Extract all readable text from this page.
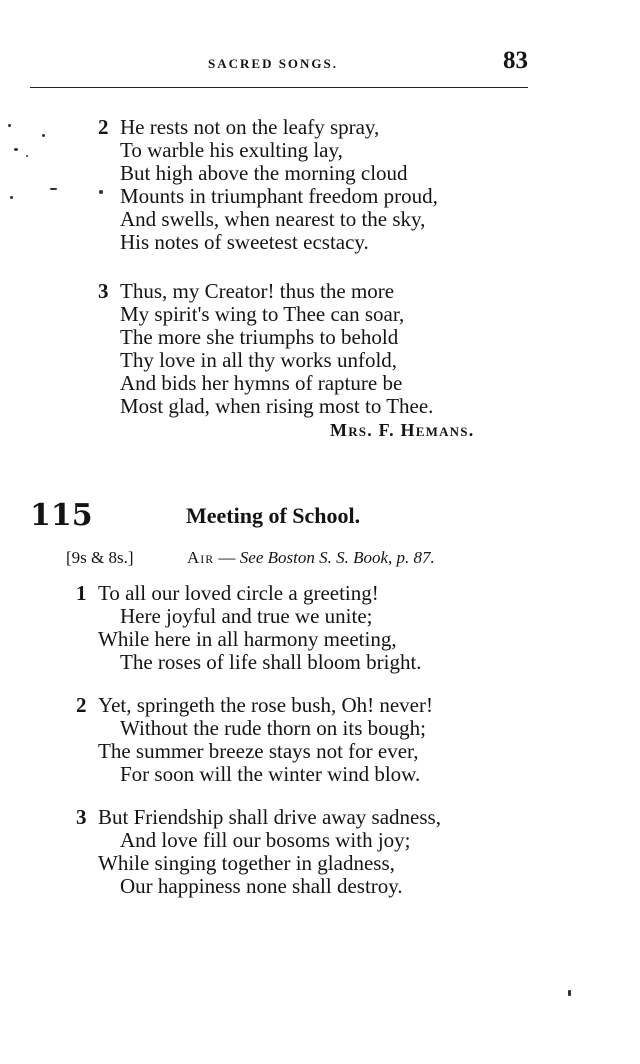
SACRED SONGS.	83
2 He rests not on the leafy spray,
To warble his exulting lay,
But high above the morning cloud
Mounts in triumphant freedom proud,
And swells, when nearest to the sky,
His notes of sweetest ecstacy.
3 Thus, my Creator! thus the more
My spirit's wing to Thee can soar,
The more she triumphs to behold
Thy love in all thy works unfold,
And bids her hymns of rapture be
Most glad, when rising most to Thee.
Mrs. F. Hemans.
115	Meeting of School.
[9s & 8s.]	Air — See Boston S. S. Book, p. 87.
1 To all our loved circle a greeting!
Here joyful and true we unite;
While here in all harmony meeting,
The roses of life shall bloom bright.
2 Yet, springeth the rose bush, Oh! never!
Without the rude thorn on its bough;
The summer breeze stays not for ever,
For soon will the winter wind blow.
3 But Friendship shall drive away sadness,
And love fill our bosoms with joy;
While singing together in gladness,
Our happiness none shall destroy.
